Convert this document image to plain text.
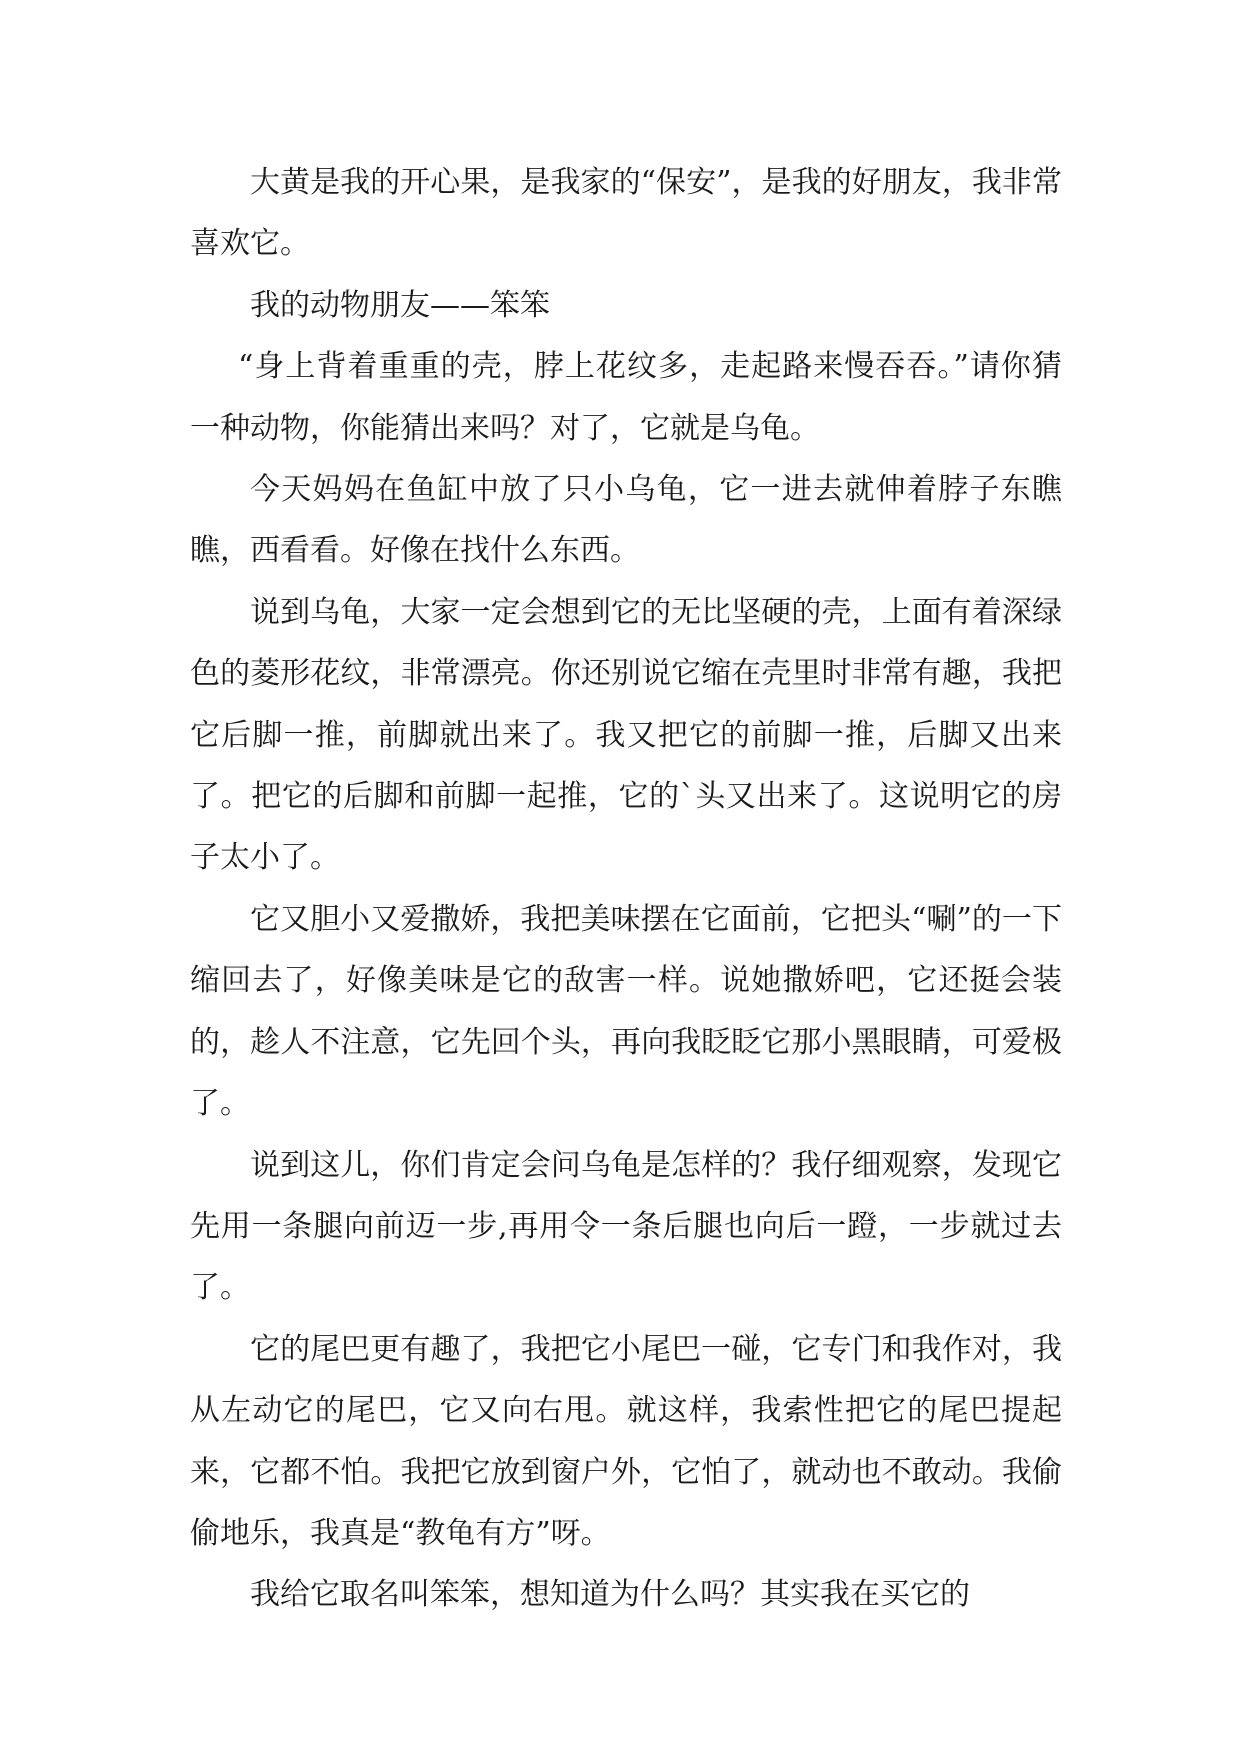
大黄是我的开心果，是我家的“保安”，是我的好朋友，我非常喜欢它。

我的动物朋友——笨笨

“身上背着重重的壳，脖上花纹多，走起路来慢吞吞。”请你猜一种动物，你能猜出来吗？对了，它就是乌龟。

今天妈妈在鱼缸中放了只小乌龟，它一进去就伸着脖子东瞧瞧，西看看。好像在找什么东西。

说到乌龟，大家一定会想到它的无比坚硬的壳，上面有着深绿色的菱形花纹，非常漂亮。你还别说它缩在壳里时非常有趣，我把它后脚一推，前脚就出来了。我又把它的前脚一推，后脚又出来了。把它的后脚和前脚一起推，它的`头又出来了。这说明它的房子太小了。

它又胆小又爱撒娇，我把美味摆在它面前，它把头“唰”的一下缩回去了，好像美味是它的敌害一样。说她撒娇吧，它还挺会装的，趁人不注意，它先回个头，再向我眨眨它那小黑眼睛，可爱极了。

说到这儿，你们肯定会问乌龟是怎样的？我仔细观察，发现它先用一条腿向前迈一步,再用令一条后腿也向后一蹬，一步就过去了。

它的尾巴更有趣了，我把它小尾巴一碰，它专门和我作对，我从左动它的尾巴，它又向右甩。就这样，我索性把它的尾巴提起来，它都不怕。我把它放到窗户外，它怕了，就动也不敢动。我偷偷地乐，我真是“教龟有方”呀。

我给它取名叫笨笨，想知道为什么吗？其实我在买它的
